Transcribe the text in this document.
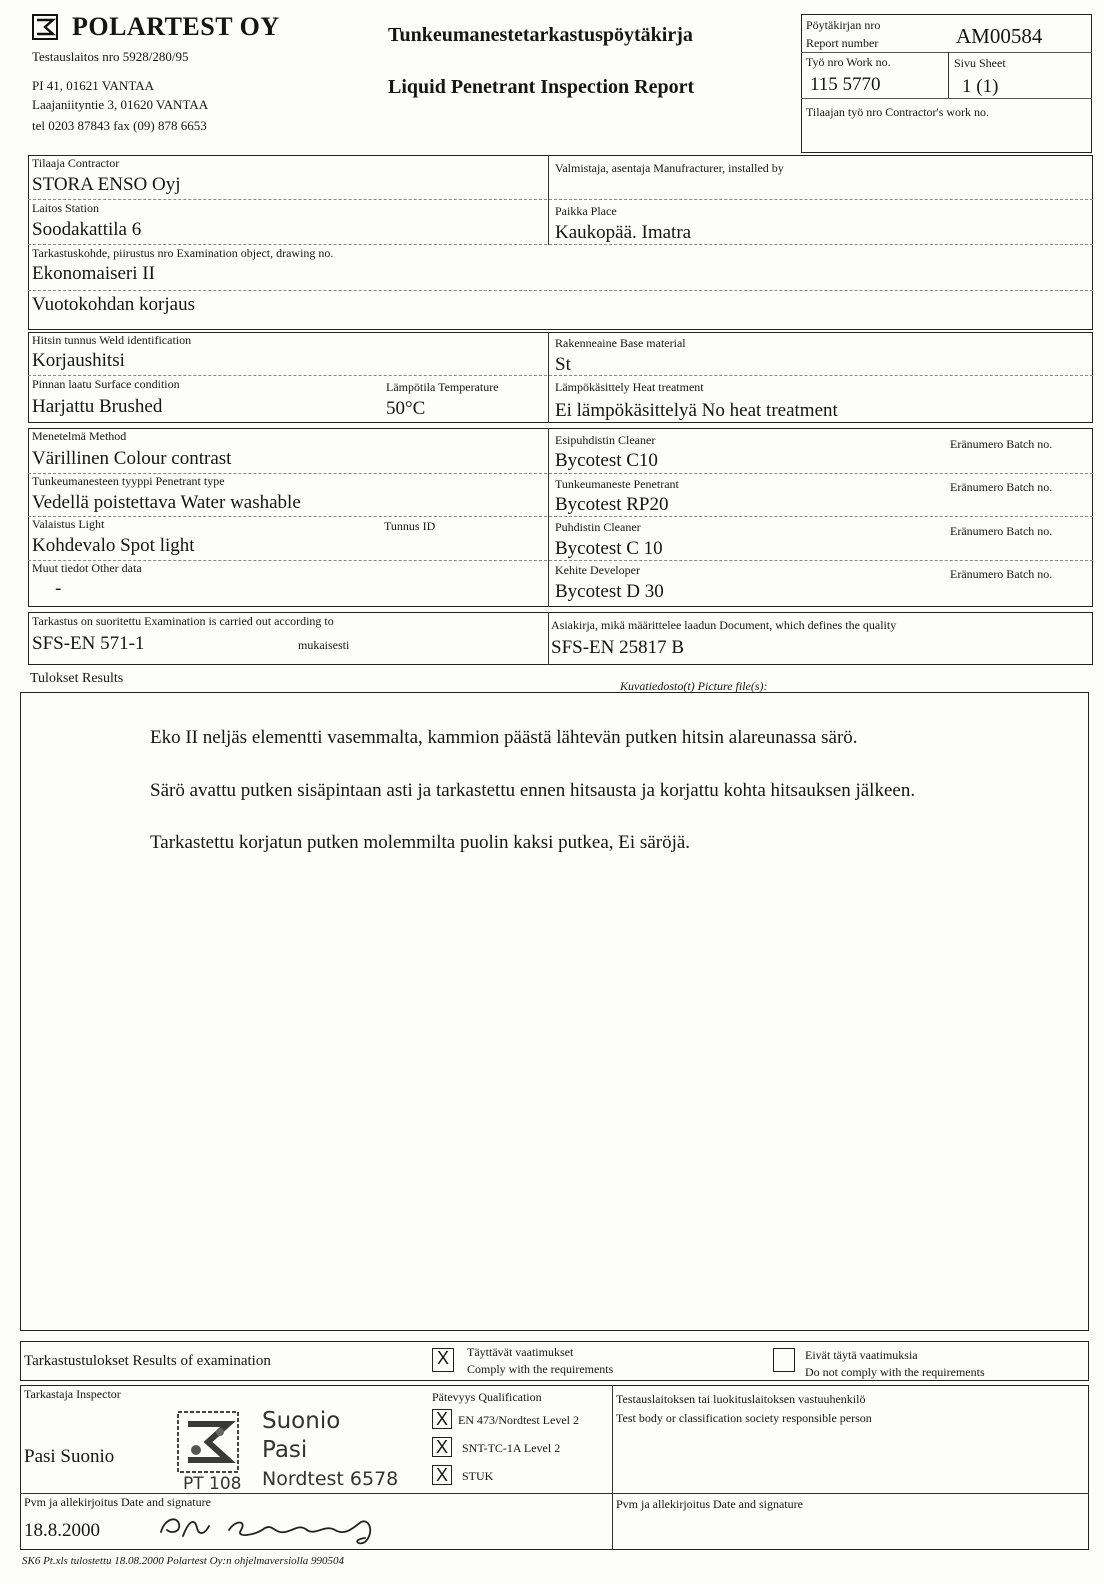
POLARTEST OY
Testauslaitos nro 5928/280/95
PI 41, 01621 VANTAA
Laajaniityntie 3, 01620 VANTAA
tel 0203 87843 fax (09) 878 6653
Tunkeumanestetarkastuspöytäkirja
Liquid Penetrant Inspection Report
Pöytäkirjan nro
Report number	AM00584
Työ nro Work no.
115 5770
Sivu Sheet
1 (1)
Tilaajan työ nro Contractor's work no.
Tilaaja Contractor
STORA ENSO Oyj
Valmistaja, asentaja Manufracturer, installed by
Laitos Station
Soodakattila 6
Paikka Place
Kaukopää. Imatra
Tarkastuskohde, piirustus nro Examination object, drawing no.
Ekonomaiseri II
Vuotokohdan korjaus
Hitsin tunnus Weld identification
Korjaushitsi
Rakenneaine Base material
St
Pinnan laatu Surface condition
Harjattu Brushed
Lämpötila Temperature
50°C
Lämpökäsittely Heat treatment
Ei lämpökäsittelyä No heat treatment
Menetelmä Method
Värillinen Colour contrast
Tunkeumanesteen tyyppi Penetrant type
Vedellä poistettava Water washable
Valaistus Light
Kohdevalo Spot light
Tunnus ID
Muut tiedot Other data
-
Esipuhdistin Cleaner
Bycotest C10
Eränumero Batch no.
Tunkeumaneste Penetrant
Bycotest RP20
Eränumero Batch no.
Puhdistin Cleaner
Bycotest C 10
Eränumero Batch no.
Kehite Developer
Bycotest D 30
Eränumero Batch no.
Tarkastus on suoritettu Examination is carried out according to
SFS-EN 571-1	mukaisesti
Asiakirja, mikä määrittelee laadun Document, which defines the quality
SFS-EN 25817 B
Tulokset Results	Kuvatiedosto(t) Picture file(s):
Eko II neljäs elementti vasemmalta, kammion päästä lähtevän putken hitsin alareunassa särö.
Särö avattu putken sisäpintaan asti ja tarkastettu ennen hitsausta ja korjattu kohta hitsauksen jälkeen.
Tarkastettu korjatun putken molemmilta puolin kaksi putkea, Ei säröjä.
Tarkastustulokset Results of examination	X	Täyttävät vaatimukset
Comply with the requirements
Eivät täytä vaatimuksia
Do not comply with the requirements
Tarkastaja Inspector
Pasi Suonio
Suonio
Pasi
PT 108 Nordtest 6578
Pätevyys Qualification
X EN 473/Nordtest Level 2
X	SNT-TC-1A Level 2
X	STUK
Testauslaitoksen tai luokituslaitoksen vastuuhenkilö
Test body or classification society responsible person
Pvm ja allekirjoitus Date and signature
18.8.2000
Pvm ja allekirjoitus Date and signature
SK6 Pt.xls tulostettu 18.08.2000 Polartest Oy:n ohjelmaversiolla 990504
